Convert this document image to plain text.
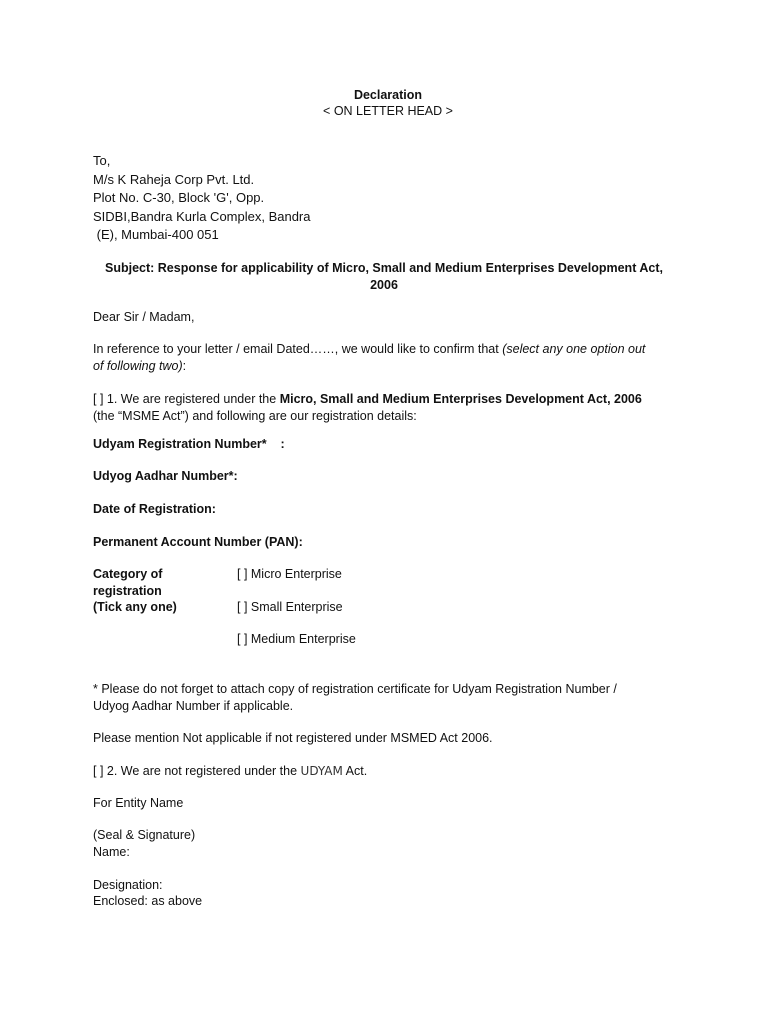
Declaration
< ON LETTER HEAD >
To,
M/s K Raheja Corp Pvt. Ltd.
Plot No. C-30, Block 'G', Opp.
SIDBI,Bandra Kurla Complex, Bandra
(E), Mumbai-400 051
Subject: Response for applicability of Micro, Small and Medium Enterprises Development Act,
2006
Dear Sir / Madam,
In reference to your letter / email Dated……, we would like to confirm that (select any one option out
of following two):
[ ] 1. We are registered under the Micro, Small and Medium Enterprises Development Act, 2006
(the “MSME Act”) and following are our registration details:
Udyam Registration Number*    :
Udyog Aadhar Number*:
Date of Registration:
Permanent Account Number (PAN):
Category of
registration
(Tick any one)
[ ] Micro Enterprise
[ ] Small Enterprise
[ ] Medium Enterprise
* Please do not forget to attach copy of registration certificate for Udyam Registration Number /
Udyog Aadhar Number if applicable.
Please mention Not applicable if not registered under MSMED Act 2006.
[ ] 2. We are not registered under the UDYAM Act.
For Entity Name
(Seal & Signature)
Name:
Designation:
Enclosed: as above
